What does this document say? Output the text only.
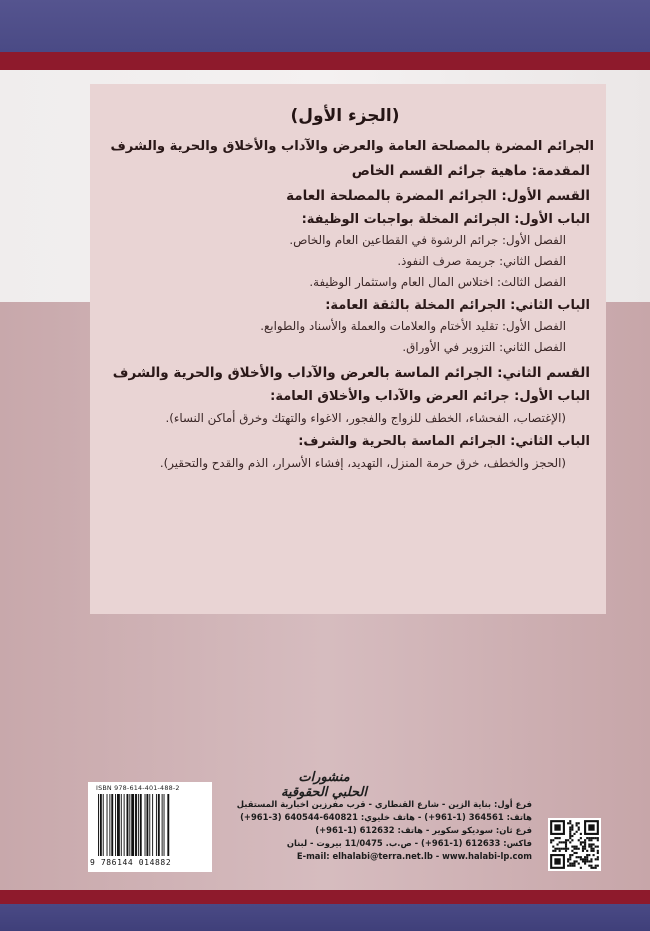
(الجزء الأول)
الجرائم المضرة بالمصلحة العامة والعرض والآداب والأخلاق والحرية والشرف
المقدمة: ماهية جرائم القسم الخاص
القسم الأول: الجرائم المضرة بالمصلحة العامة
الباب الأول: الجرائم المخلة بواجبات الوظيفة:
الفصل الأول: جرائم الرشوة في القطاعين العام والخاص.
الفصل الثاني: جريمة صرف النفوذ.
الفصل الثالث: اختلاس المال العام واستثمار الوظيفة.
الباب الثاني: الجرائم المخلة بالثقة العامة:
الفصل الأول: تقليد الأختام والعلامات والعملة والأسناد والطوابع.
الفصل الثاني: التزوير في الأوراق.
القسم الثاني: الجرائم الماسة بالعرض والآداب والأخلاق والحرية والشرف
الباب الأول: جرائم العرض والآداب والأخلاق العامة:
(الإغتصاب، الفحشاء، الخطف للزواج والفجور، الاغواء والتهتك وخرق أماكن النساء).
الباب الثاني: الجرائم الماسة بالحرية والشرف:
(الحجز والخطف، خرق حرمة المنزل، التهديد، إفشاء الأسرار، الذم والقدح والتحقير).
منشورات الحلبي الحقوقية
فرع أول: بناية الزين - شارع القنطاري - قرب مفرزين اخبارية المستقبل
هاتف: 364561 (1-961+) - هاتف خليوي: 640821-640544 (3-961+)
فرع ثان: سوديكو سكوير - هاتف: 612632 (1-961+)
فاكس: 612633 (1-961+) - ص.ب. 11/0475 بيروت - لبنان
E-mail: elhalabi@terra.net.lb - www.halabi-lp.com
ISBN 978-614-401-488-2
9 786144 014882
